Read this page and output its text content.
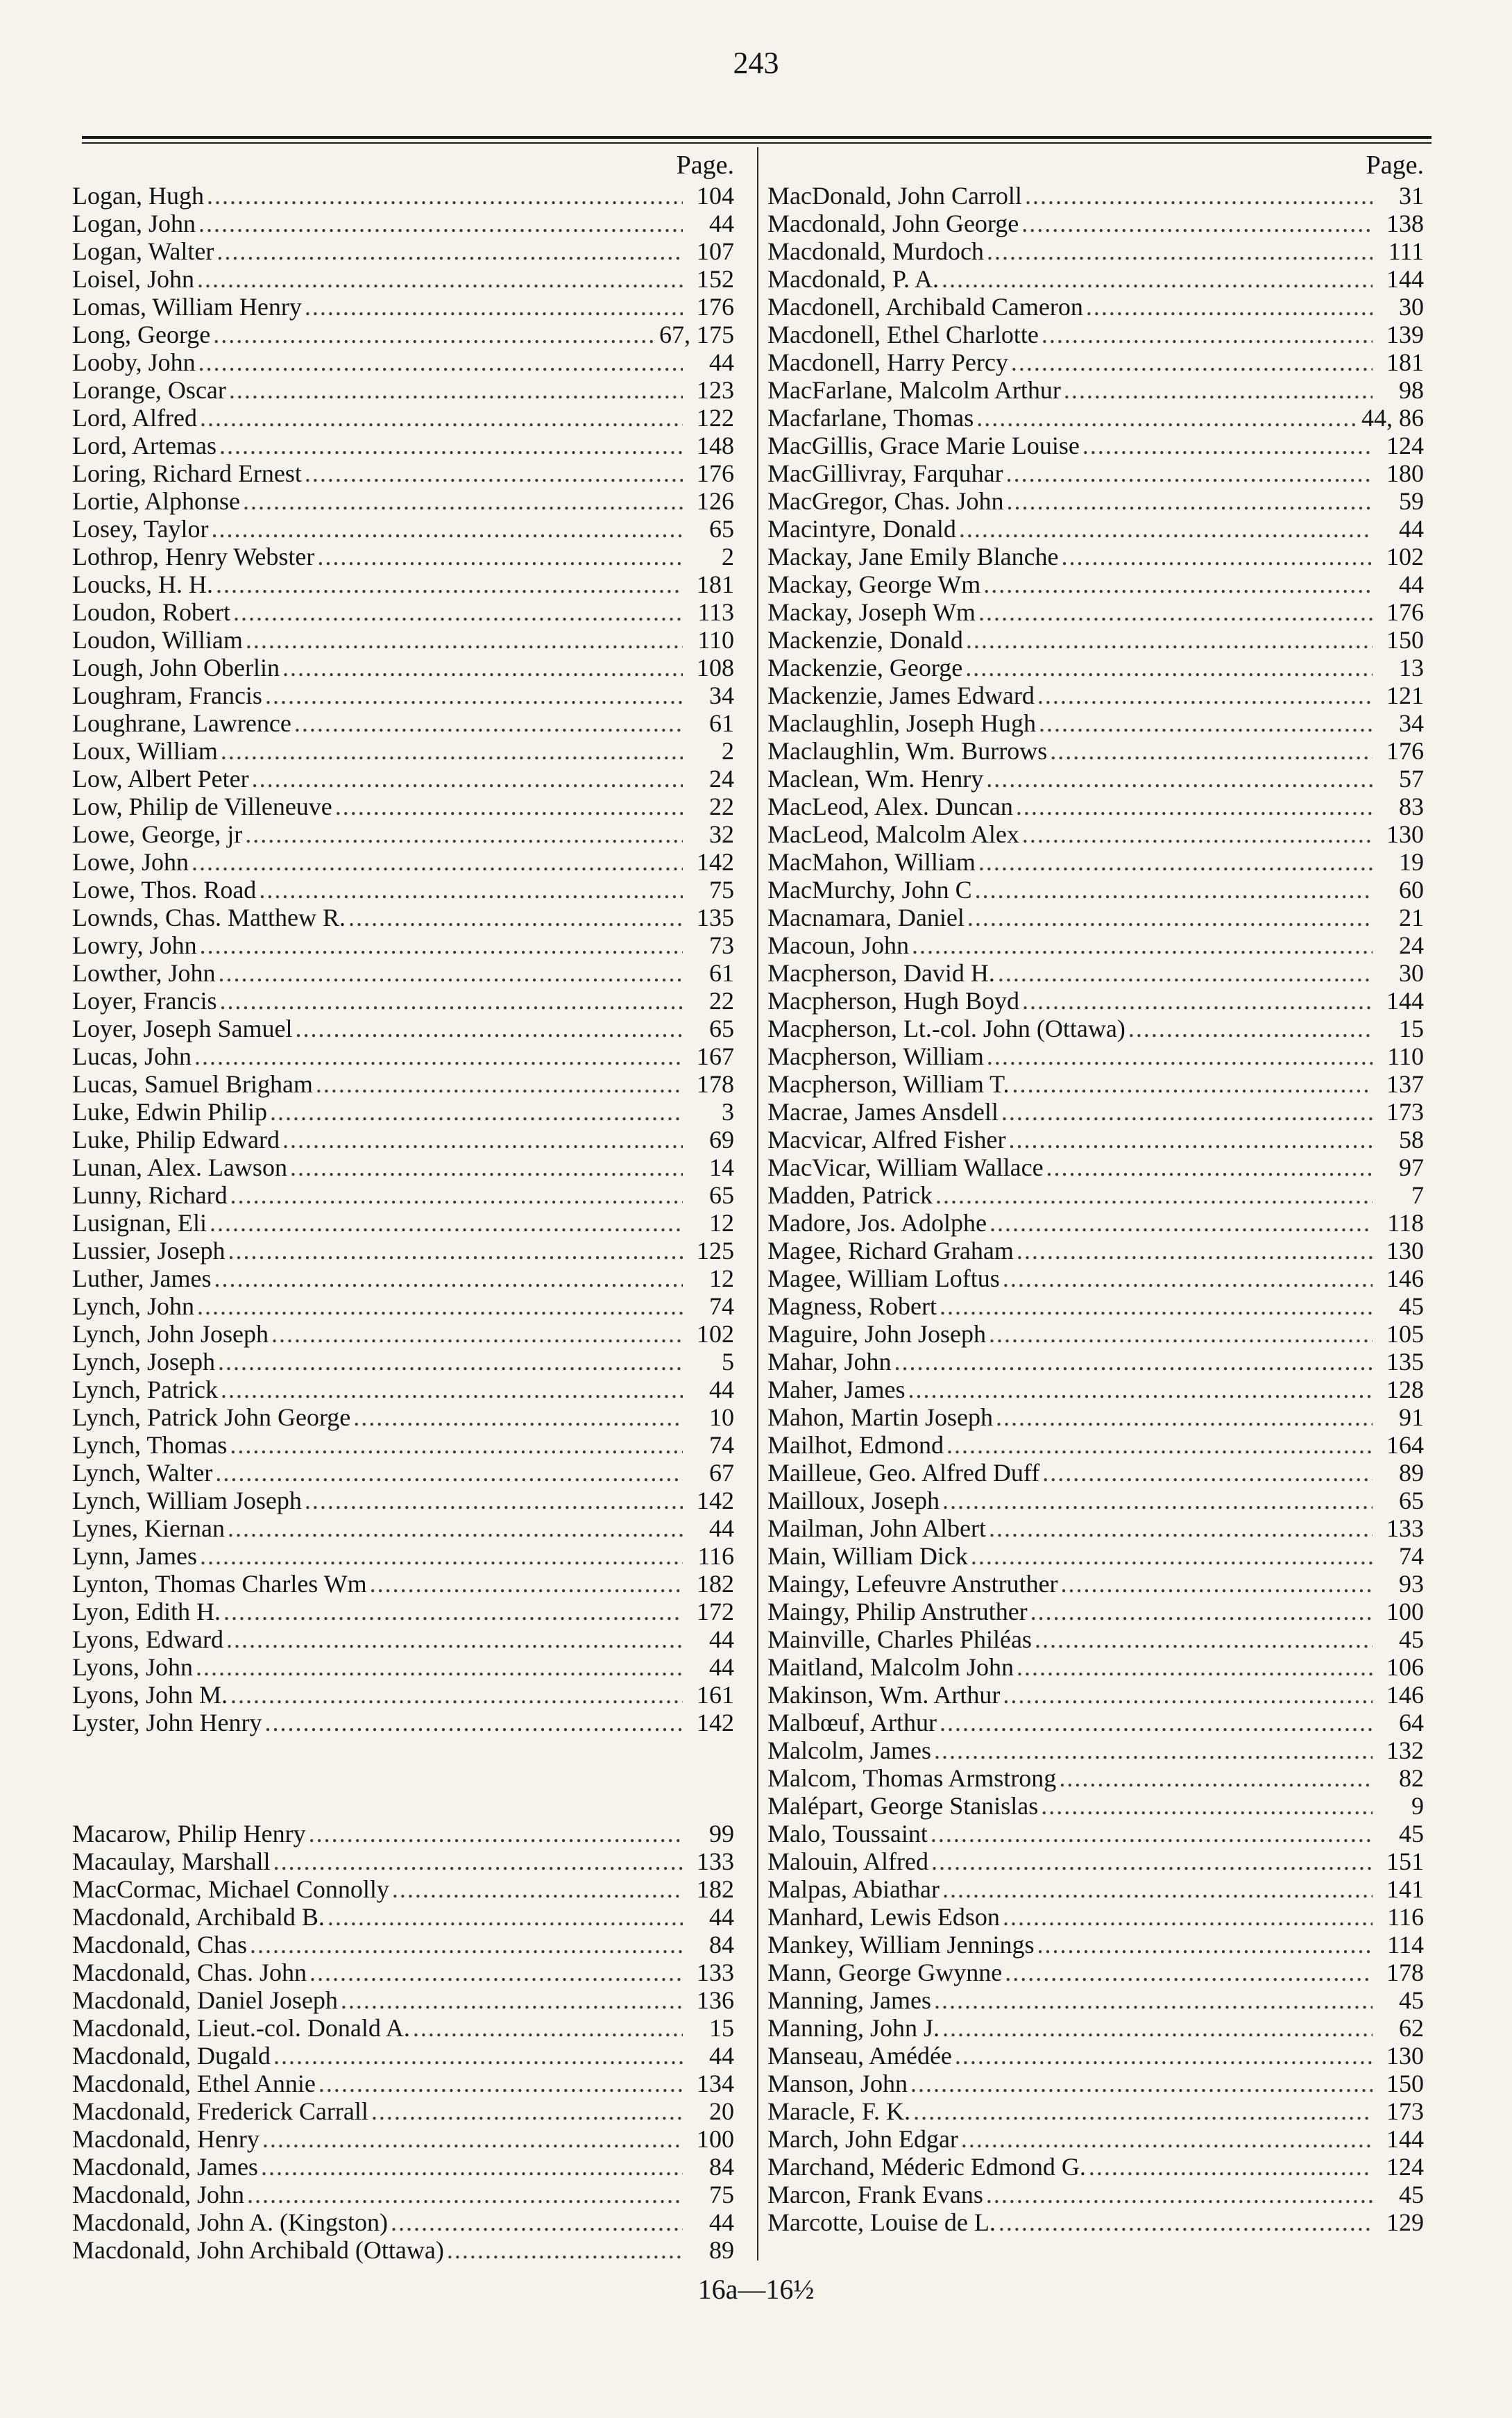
243
Page.
Logan, Hugh .....	104
Logan, John .....	44
Logan, Walter .....	107
Loisel, John .....	152
Lomas, William Henry .....	176
Long, George .....	67, 175
Looby, John .....	44
Lorange, Oscar .....	123
Lord, Alfred .....	122
Lord, Artemas .....	148
Loring, Richard Ernest .....	176
Lortie, Alphonse .....	126
Losey, Taylor .....	65
Lothrop, Henry Webster .....	2
Loucks, H. H. .....	181
Loudon, Robert .....	113
Loudon, William .....	110
Lough, John Oberlin .....	108
Loughram, Francis .....	34
Loughrane, Lawrence .....	61
Loux, William .....	2
Low, Albert Peter .....	24
Low, Philip de Villeneuve .....	22
Lowe, George, jr .....	32
Lowe, John .....	142
Lowe, Thos. Road .....	75
Lownds, Chas. Matthew R. .....	135
Lowry, John .....	73
Lowther, John .....	61
Loyer, Francis .....	22
Loyer, Joseph Samuel .....	65
Lucas, John .....	167
Lucas, Samuel Brigham .....	178
Luke, Edwin Philip .....	3
Luke, Philip Edward .....	69
Lunan, Alex. Lawson .....	14
Lunny, Richard .....	65
Lusignan, Eli .....	12
Lussier, Joseph .....	125
Luther, James .....	12
Lynch, John .....	74
Lynch, John Joseph .....	102
Lynch, Joseph .....	5
Lynch, Patrick .....	44
Lynch, Patrick John George .....	10
Lynch, Thomas .....	74
Lynch, Walter .....	67
Lynch, William Joseph .....	142
Lynes, Kiernan .....	44
Lynn, James .....	116
Lynton, Thomas Charles Wm .....	182
Lyon, Edith H. .....	172
Lyons, Edward .....	44
Lyons, John .....	44
Lyons, John M. .....	161
Lyster, John Henry .....	142
Macarow, Philip Henry .....	99
Macaulay, Marshall .....	133
MacCormac, Michael Connolly .....	182
Macdonald, Archibald B. .....	44
Macdonald, Chas .....	84
Macdonald, Chas. John .....	133
Macdonald, Daniel Joseph .....	136
Macdonald, Lieut.-col. Donald A. .....	15
Macdonald, Dugald .....	44
Macdonald, Ethel Annie .....	134
Macdonald, Frederick Carrall .....	20
Macdonald, Henry .....	100
Macdonald, James .....	84
Macdonald, John .....	75
Macdonald, John A. (Kingston) .....	44
Macdonald, John Archibald (Ottawa) .....	89
Page.
MacDonald, John Carroll .....	31
Macdonald, John George .....	138
Macdonald, Murdoch .....	111
Macdonald, P. A. .....	144
Macdonell, Archibald Cameron .....	30
Macdonell, Ethel Charlotte .....	139
Macdonell, Harry Percy .....	181
MacFarlane, Malcolm Arthur .....	98
Macfarlane, Thomas .....	44, 86
MacGillis, Grace Marie Louise .....	124
MacGillivray, Farquhar .....	180
MacGregor, Chas. John .....	59
Macintyre, Donald .....	44
Mackay, Jane Emily Blanche .....	102
Mackay, George Wm .....	44
Mackay, Joseph Wm .....	176
Mackenzie, Donald .....	150
Mackenzie, George .....	13
Mackenzie, James Edward .....	121
Maclaughlin, Joseph Hugh .....	34
Maclaughlin, Wm. Burrows .....	176
Maclean, Wm. Henry .....	57
MacLeod, Alex. Duncan .....	83
MacLeod, Malcolm Alex .....	130
MacMahon, William .....	19
MacMurchy, John C .....	60
Macnamara, Daniel .....	21
Macoun, John .....	24
Macpherson, David H. .....	30
Macpherson, Hugh Boyd .....	144
Macpherson, Lt.-col. John (Ottawa) .....	15
Macpherson, William .....	110
Macpherson, William T. .....	137
Macrae, James Ansdell .....	173
Macvicar, Alfred Fisher .....	58
MacVicar, William Wallace .....	97
Madden, Patrick .....	7
Madore, Jos. Adolphe .....	118
Magee, Richard Graham .....	130
Magee, William Loftus .....	146
Magness, Robert .....	45
Maguire, John Joseph .....	105
Mahar, John .....	135
Maher, James .....	128
Mahon, Martin Joseph .....	91
Mailhot, Edmond .....	164
Mailleue, Geo. Alfred Duff .....	89
Mailloux, Joseph .....	65
Mailman, John Albert .....	133
Main, William Dick .....	74
Maingy, Lefeuvre Anstruther .....	93
Maingy, Philip Anstruther .....	100
Mainville, Charles Philéas .....	45
Maitland, Malcolm John .....	106
Makinson, Wm. Arthur .....	146
Malbœuf, Arthur .....	64
Malcolm, James .....	132
Malcom, Thomas Armstrong .....	82
Malépart, George Stanislas .....	9
Malo, Toussaint .....	45
Malouin, Alfred .....	151
Malpas, Abiathar .....	141
Manhard, Lewis Edson .....	116
Mankey, William Jennings .....	114
Mann, George Gwynne .....	178
Manning, James .....	45
Manning, John J. .....	62
Manseau, Amédée .....	130
Manson, John .....	150
Maracle, F. K. .....	173
March, John Edgar .....	144
Marchand, Méderic Edmond G. .....	124
Marcon, Frank Evans .....	45
Marcotte, Louise de L. .....	129
16a—16½
